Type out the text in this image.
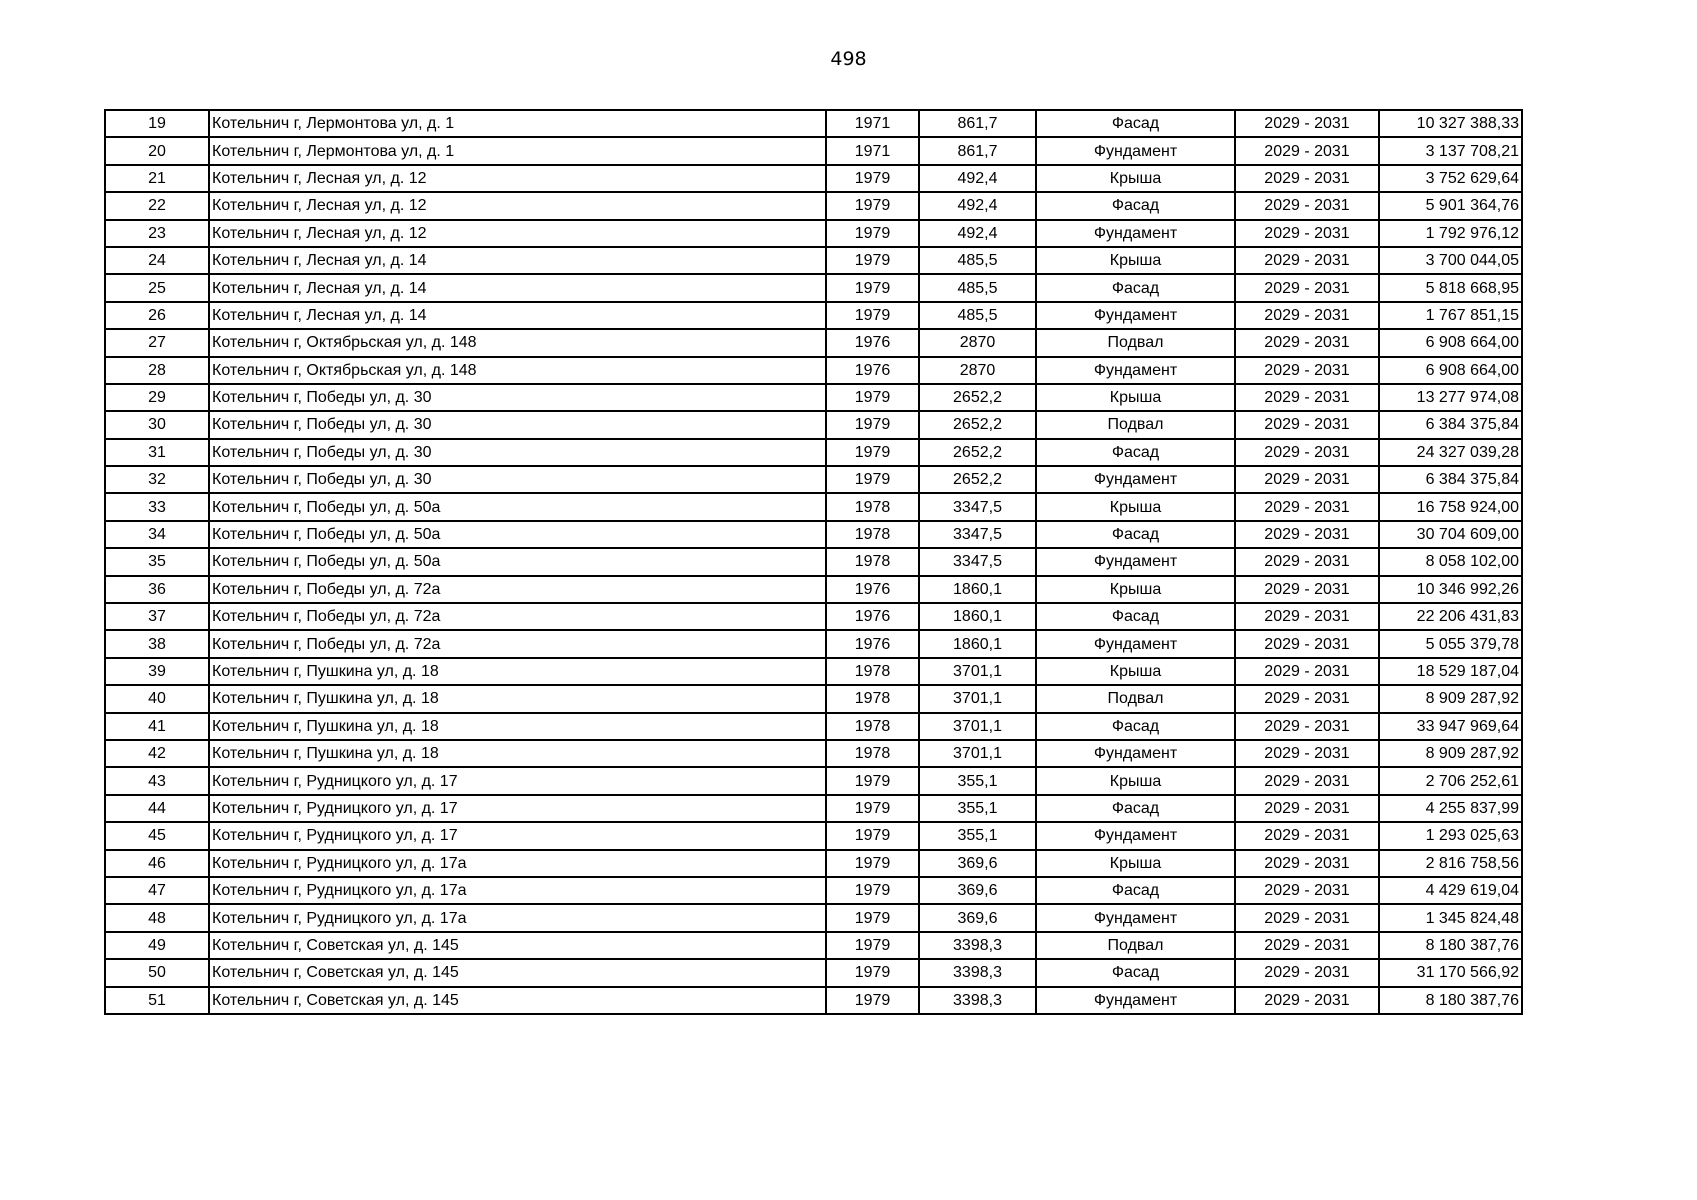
498
19	Котельнич г, Лермонтова ул, д. 1	1971	861,7	Фасад	2029 - 2031	10 327 388,33
20	Котельнич г, Лермонтова ул, д. 1	1971	861,7	Фундамент	2029 - 2031	3 137 708,21
21	Котельнич г, Лесная ул, д. 12	1979	492,4	Крыша	2029 - 2031	3 752 629,64
22	Котельнич г, Лесная ул, д. 12	1979	492,4	Фасад	2029 - 2031	5 901 364,76
23	Котельнич г, Лесная ул, д. 12	1979	492,4	Фундамент	2029 - 2031	1 792 976,12
24	Котельнич г, Лесная ул, д. 14	1979	485,5	Крыша	2029 - 2031	3 700 044,05
25	Котельнич г, Лесная ул, д. 14	1979	485,5	Фасад	2029 - 2031	5 818 668,95
26	Котельнич г, Лесная ул, д. 14	1979	485,5	Фундамент	2029 - 2031	1 767 851,15
27	Котельнич г, Октябрьская ул, д. 148	1976	2870	Подвал	2029 - 2031	6 908 664,00
28	Котельнич г, Октябрьская ул, д. 148	1976	2870	Фундамент	2029 - 2031	6 908 664,00
29	Котельнич г, Победы ул, д. 30	1979	2652,2	Крыша	2029 - 2031	13 277 974,08
30	Котельнич г, Победы ул, д. 30	1979	2652,2	Подвал	2029 - 2031	6 384 375,84
31	Котельнич г, Победы ул, д. 30	1979	2652,2	Фасад	2029 - 2031	24 327 039,28
32	Котельнич г, Победы ул, д. 30	1979	2652,2	Фундамент	2029 - 2031	6 384 375,84
33	Котельнич г, Победы ул, д. 50а	1978	3347,5	Крыша	2029 - 2031	16 758 924,00
34	Котельнич г, Победы ул, д. 50а	1978	3347,5	Фасад	2029 - 2031	30 704 609,00
35	Котельнич г, Победы ул, д. 50а	1978	3347,5	Фундамент	2029 - 2031	8 058 102,00
36	Котельнич г, Победы ул, д. 72а	1976	1860,1	Крыша	2029 - 2031	10 346 992,26
37	Котельнич г, Победы ул, д. 72а	1976	1860,1	Фасад	2029 - 2031	22 206 431,83
38	Котельнич г, Победы ул, д. 72а	1976	1860,1	Фундамент	2029 - 2031	5 055 379,78
39	Котельнич г, Пушкина ул, д. 18	1978	3701,1	Крыша	2029 - 2031	18 529 187,04
40	Котельнич г, Пушкина ул, д. 18	1978	3701,1	Подвал	2029 - 2031	8 909 287,92
41	Котельнич г, Пушкина ул, д. 18	1978	3701,1	Фасад	2029 - 2031	33 947 969,64
42	Котельнич г, Пушкина ул, д. 18	1978	3701,1	Фундамент	2029 - 2031	8 909 287,92
43	Котельнич г, Рудницкого ул, д. 17	1979	355,1	Крыша	2029 - 2031	2 706 252,61
44	Котельнич г, Рудницкого ул, д. 17	1979	355,1	Фасад	2029 - 2031	4 255 837,99
45	Котельнич г, Рудницкого ул, д. 17	1979	355,1	Фундамент	2029 - 2031	1 293 025,63
46	Котельнич г, Рудницкого ул, д. 17а	1979	369,6	Крыша	2029 - 2031	2 816 758,56
47	Котельнич г, Рудницкого ул, д. 17а	1979	369,6	Фасад	2029 - 2031	4 429 619,04
48	Котельнич г, Рудницкого ул, д. 17а	1979	369,6	Фундамент	2029 - 2031	1 345 824,48
49	Котельнич г, Советская ул, д. 145	1979	3398,3	Подвал	2029 - 2031	8 180 387,76
50	Котельнич г, Советская ул, д. 145	1979	3398,3	Фасад	2029 - 2031	31 170 566,92
51	Котельнич г, Советская ул, д. 145	1979	3398,3	Фундамент	2029 - 2031	8 180 387,76
